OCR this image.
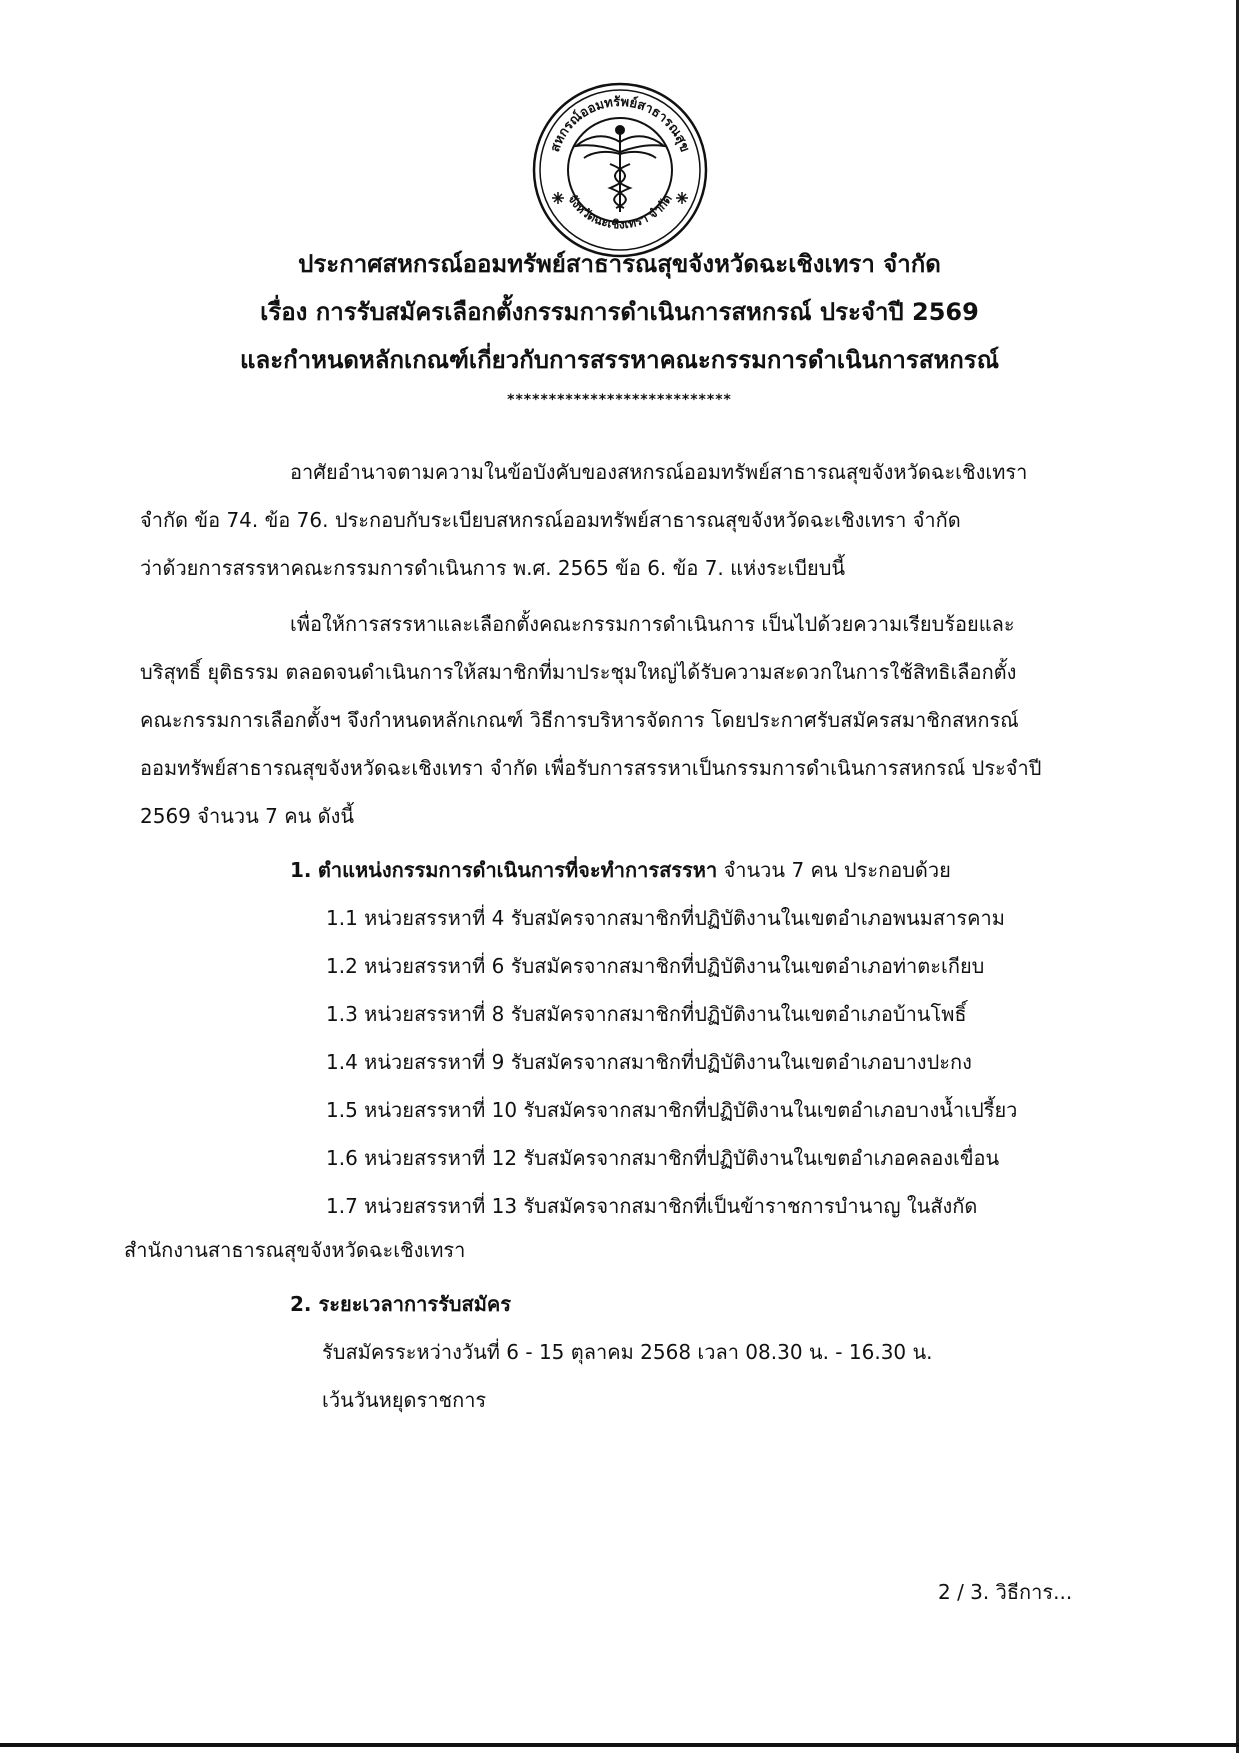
สหกรณ์ออมทรัพย์สาธารณสุข
จังหวัดฉะเชิงเทรา จำกัด
ประกาศสหกรณ์ออมทรัพย์สาธารณสุขจังหวัดฉะเชิงเทรา จำกัด
เรื่อง การรับสมัครเลือกตั้งกรรมการดำเนินการสหกรณ์ ประจำปี 2569
และกำหนดหลักเกณฑ์เกี่ยวกับการสรรหาคณะกรรมการดำเนินการสหกรณ์
***************************
อาศัยอำนาจตามความในข้อบังคับของสหกรณ์ออมทรัพย์สาธารณสุขจังหวัดฉะเชิงเทรา
จำกัด ข้อ 74. ข้อ 76. ประกอบกับระเบียบสหกรณ์ออมทรัพย์สาธารณสุขจังหวัดฉะเชิงเทรา จำกัด
ว่าด้วยการสรรหาคณะกรรมการดำเนินการ พ.ศ. 2565 ข้อ 6. ข้อ 7. แห่งระเบียบนี้
เพื่อให้การสรรหาและเลือกตั้งคณะกรรมการดำเนินการ เป็นไปด้วยความเรียบร้อยและ
บริสุทธิ์ ยุติธรรม ตลอดจนดำเนินการให้สมาชิกที่มาประชุมใหญ่ได้รับความสะดวกในการใช้สิทธิเลือกตั้ง
คณะกรรมการเลือกตั้งฯ จึงกำหนดหลักเกณฑ์ วิธีการบริหารจัดการ โดยประกาศรับสมัครสมาชิกสหกรณ์
ออมทรัพย์สาธารณสุขจังหวัดฉะเชิงเทรา จำกัด เพื่อรับการสรรหาเป็นกรรมการดำเนินการสหกรณ์ ประจำปี
2569 จำนวน 7 คน ดังนี้
1. ตำแหน่งกรรมการดำเนินการที่จะทำการสรรหา จำนวน 7 คน ประกอบด้วย
1.1 หน่วยสรรหาที่ 4 รับสมัครจากสมาชิกที่ปฏิบัติงานในเขตอำเภอพนมสารคาม
1.2 หน่วยสรรหาที่ 6 รับสมัครจากสมาชิกที่ปฏิบัติงานในเขตอำเภอท่าตะเกียบ
1.3 หน่วยสรรหาที่ 8 รับสมัครจากสมาชิกที่ปฏิบัติงานในเขตอำเภอบ้านโพธิ์
1.4 หน่วยสรรหาที่ 9 รับสมัครจากสมาชิกที่ปฏิบัติงานในเขตอำเภอบางปะกง
1.5 หน่วยสรรหาที่ 10 รับสมัครจากสมาชิกที่ปฏิบัติงานในเขตอำเภอบางน้ำเปรี้ยว
1.6 หน่วยสรรหาที่ 12 รับสมัครจากสมาชิกที่ปฏิบัติงานในเขตอำเภอคลองเขื่อน
1.7 หน่วยสรรหาที่ 13 รับสมัครจากสมาชิกที่เป็นข้าราชการบำนาญ ในสังกัด
สำนักงานสาธารณสุขจังหวัดฉะเชิงเทรา
2. ระยะเวลาการรับสมัคร
รับสมัครระหว่างวันที่ 6 - 15 ตุลาคม 2568 เวลา 08.30 น. - 16.30 น.
เว้นวันหยุดราชการ
2 / 3. วิธีการ...
